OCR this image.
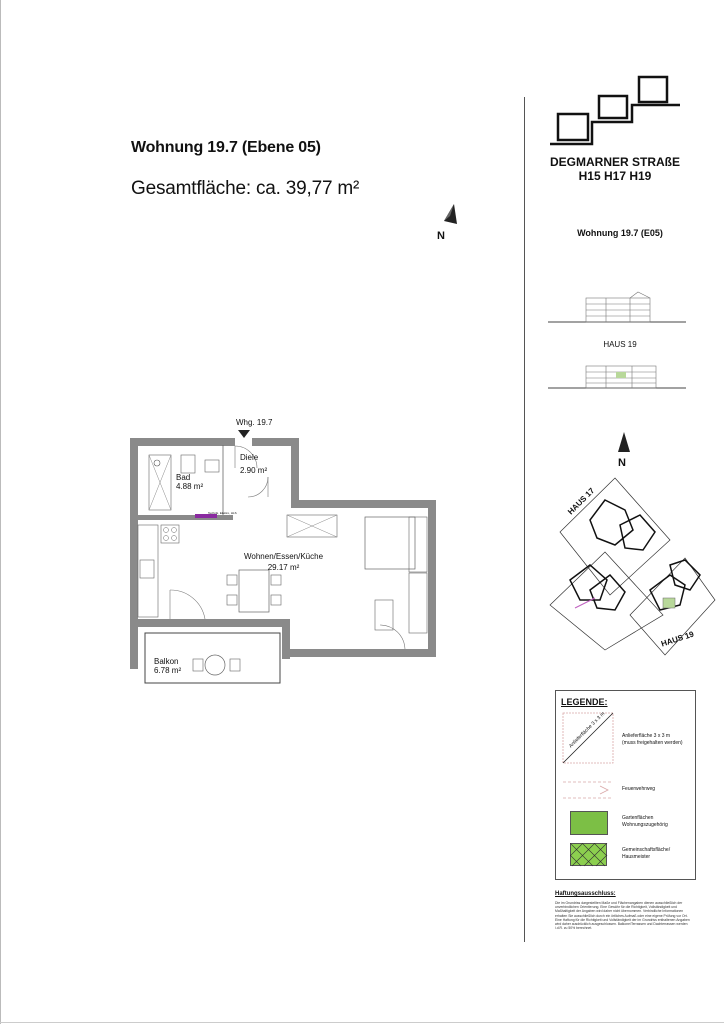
Wohnung 19.7 (Ebene 05)
Gesamtfläche: ca. 39,77 m²
N
DEGMARNER STRAßE
H15 H17 H19
Wohnung 19.7 (E05)
HAUS 19
N
HAUS 17
HAUS 19
Whg. 19.7
Bad
4.88 m²
Diele
2.90 m²
Wohnen/Essen/Küche
29.17 m²
Balkon
6.78 m²
Technik, Elektro, HLS
LEGENDE:
Anlieferfläche 3 x 3 m	Anlieferfläche 3 x 3 m
(muss freigehalten werden)
Feuerwehrweg
Gartenflächen
Wohnungszugehörig
Gemeinschaftsfläche/
Hausmeister
Haftungsausschluss:
Die im Grundriss dargestellten Maße und Flächenangaben dienen ausschließlich der unverbindlichen Orientierung. Eine Gewähr für die Richtigkeit, Vollständigkeit und Maßhaltigkeit der Angaben wird daher nicht übernommen. Verbindliche Informationen erhalten Sie ausschließlich durch ein örtliches Aufmaß oder eine eigene Prüfung vor Ort. Eine Haftung für die Richtigkeit und Vollständigkeit der im Grundriss enthaltenen Angaben wird daher ausdrücklich ausgeschlossen. Balkone/Terrassen und Dachterrassen werden i.d.R. zu 50% berechnet.
